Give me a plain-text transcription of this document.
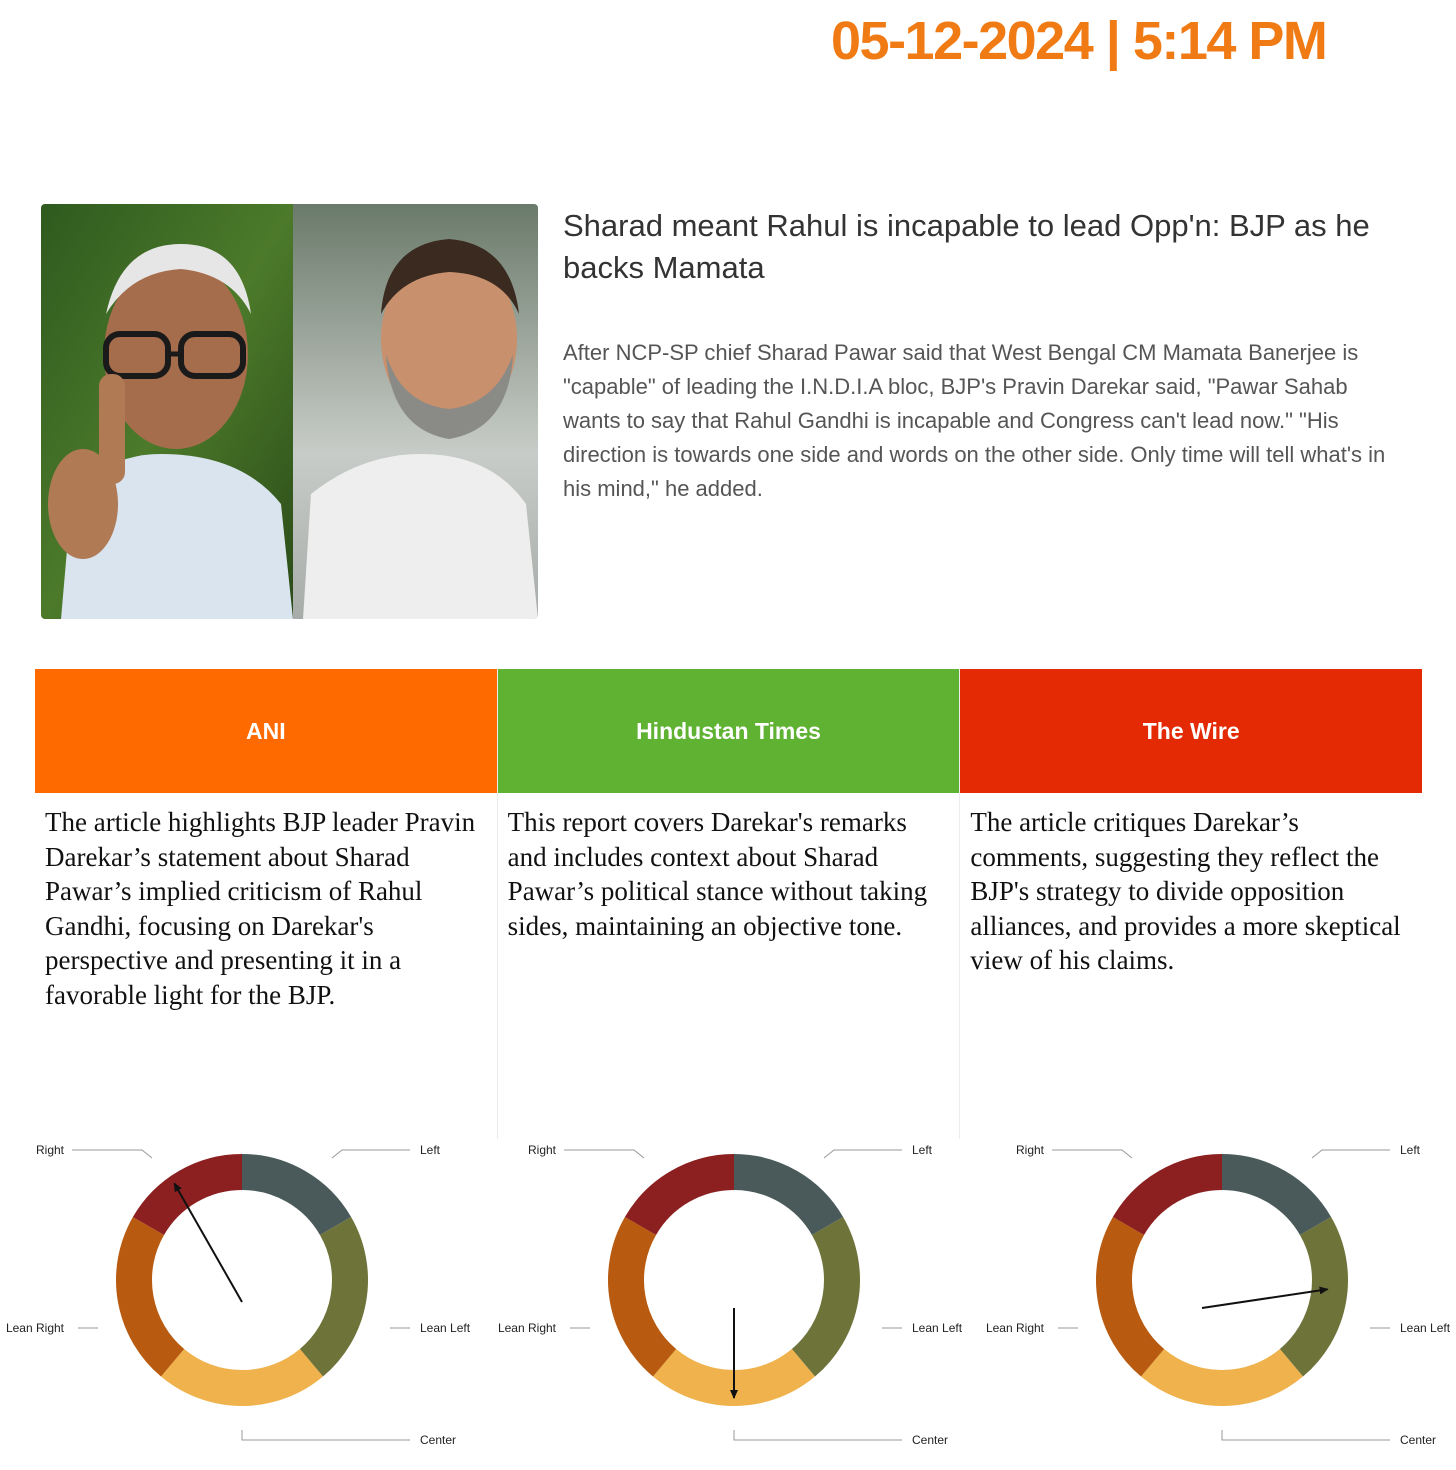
05-12-2024 | 5:14 PM
Sharad meant Rahul is incapable to lead Opp'n: BJP as he backs Mamata

After NCP-SP chief Sharad Pawar said that West Bengal CM Mamata Banerjee is "capable" of leading the I.N.D.I.A bloc, BJP's Pravin Darekar said, "Pawar Sahab wants to say that Rahul Gandhi is incapable and Congress can't lead now." "His direction is towards one side and words on the other side. Only time will tell what's in his mind," he added.

ANI

The article highlights BJP leader Pravin Darekar’s statement about Sharad Pawar’s implied criticism of Rahul Gandhi, focusing on Darekar's perspective and presenting it in a favorable light for the BJP.

Hindustan Times

This report covers Darekar's remarks and includes context about Sharad Pawar’s political stance without taking sides, maintaining an objective tone.

The Wire

The article critiques Darekar’s comments, suggesting they reflect the BJP's strategy to divide opposition alliances, and provides a more skeptical view of his claims.

Left
Lean Left
Center
Lean Right
Right	Left
Lean Left
Center
Lean Right
Right	Left
Lean Left
Center
Lean Right
Right
